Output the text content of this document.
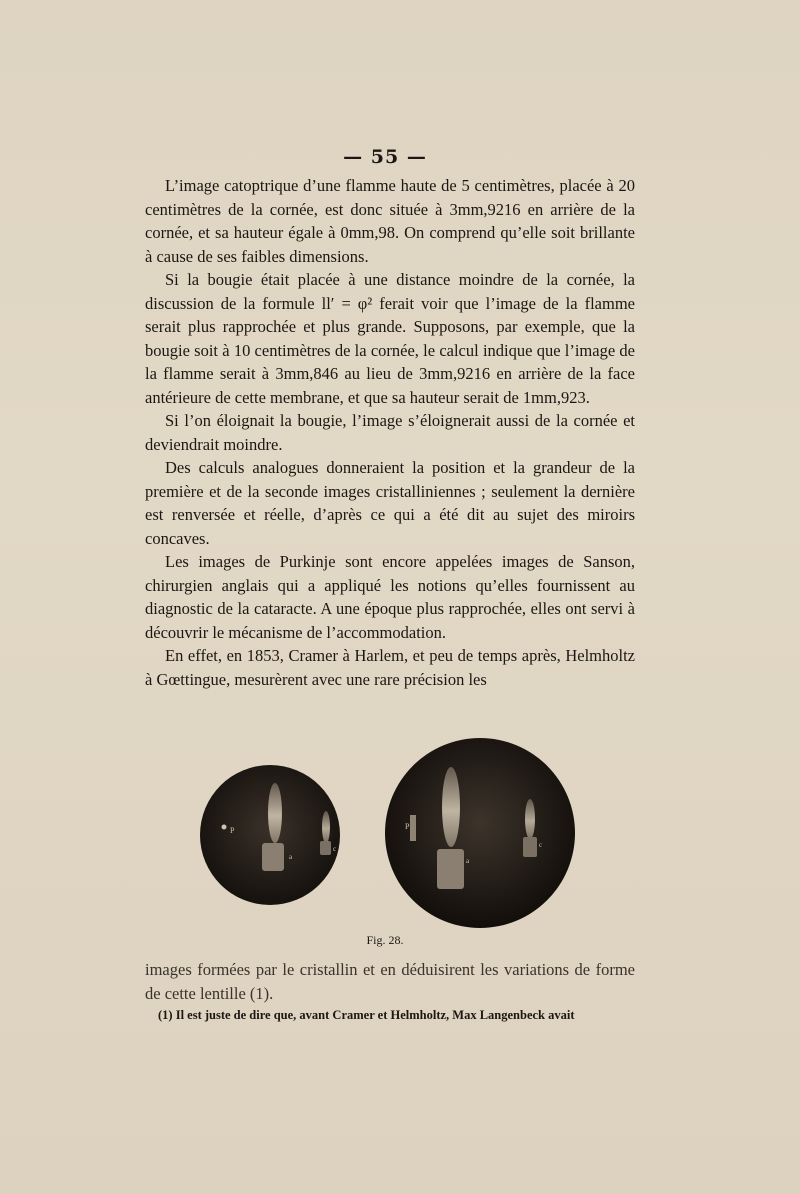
— 55 —

L’image catoptrique d’une flamme haute de 5 centimètres, placée à 20 centimètres de la cornée, est donc située à 3mm,9216 en arrière de la cornée, et sa hauteur égale à 0mm,98. On comprend qu’elle soit brillante à cause de ses faibles dimensions.

Si la bougie était placée à une distance moindre de la cornée, la discussion de la formule ll′ = φ² ferait voir que l’image de la flamme serait plus rapprochée et plus grande. Supposons, par exemple, que la bougie soit à 10 centimètres de la cornée, le calcul indique que l’image de la flamme serait à 3mm,846 au lieu de 3mm,9216 en arrière de la face antérieure de cette membrane, et que sa hauteur serait de 1mm,923.

Si l’on éloignait la bougie, l’image s’éloignerait aussi de la cornée et deviendrait moindre.

Des calculs analogues donneraient la position et la grandeur de la première et de la seconde images cristalliniennes ; seulement la dernière est renversée et réelle, d’après ce qui a été dit au sujet des miroirs concaves.

Les images de Purkinje sont encore appelées images de Sanson, chirurgien anglais qui a appliqué les notions qu’elles fournissent au diagnostic de la cataracte. A une époque plus rapprochée, elles ont servi à découvrir le mécanisme de l’accommodation.

En effet, en 1853, Cramer à Harlem, et peu de temps après, Helmholtz à Gœttingue, mesurèrent avec une rare précision les

P
c
a
P
a
c
Fig. 28.

images formées par le cristallin et en déduisirent les variations de forme de cette lentille (1).

(1) Il est juste de dire que, avant Cramer et Helmholtz, Max Langenbeck avait
